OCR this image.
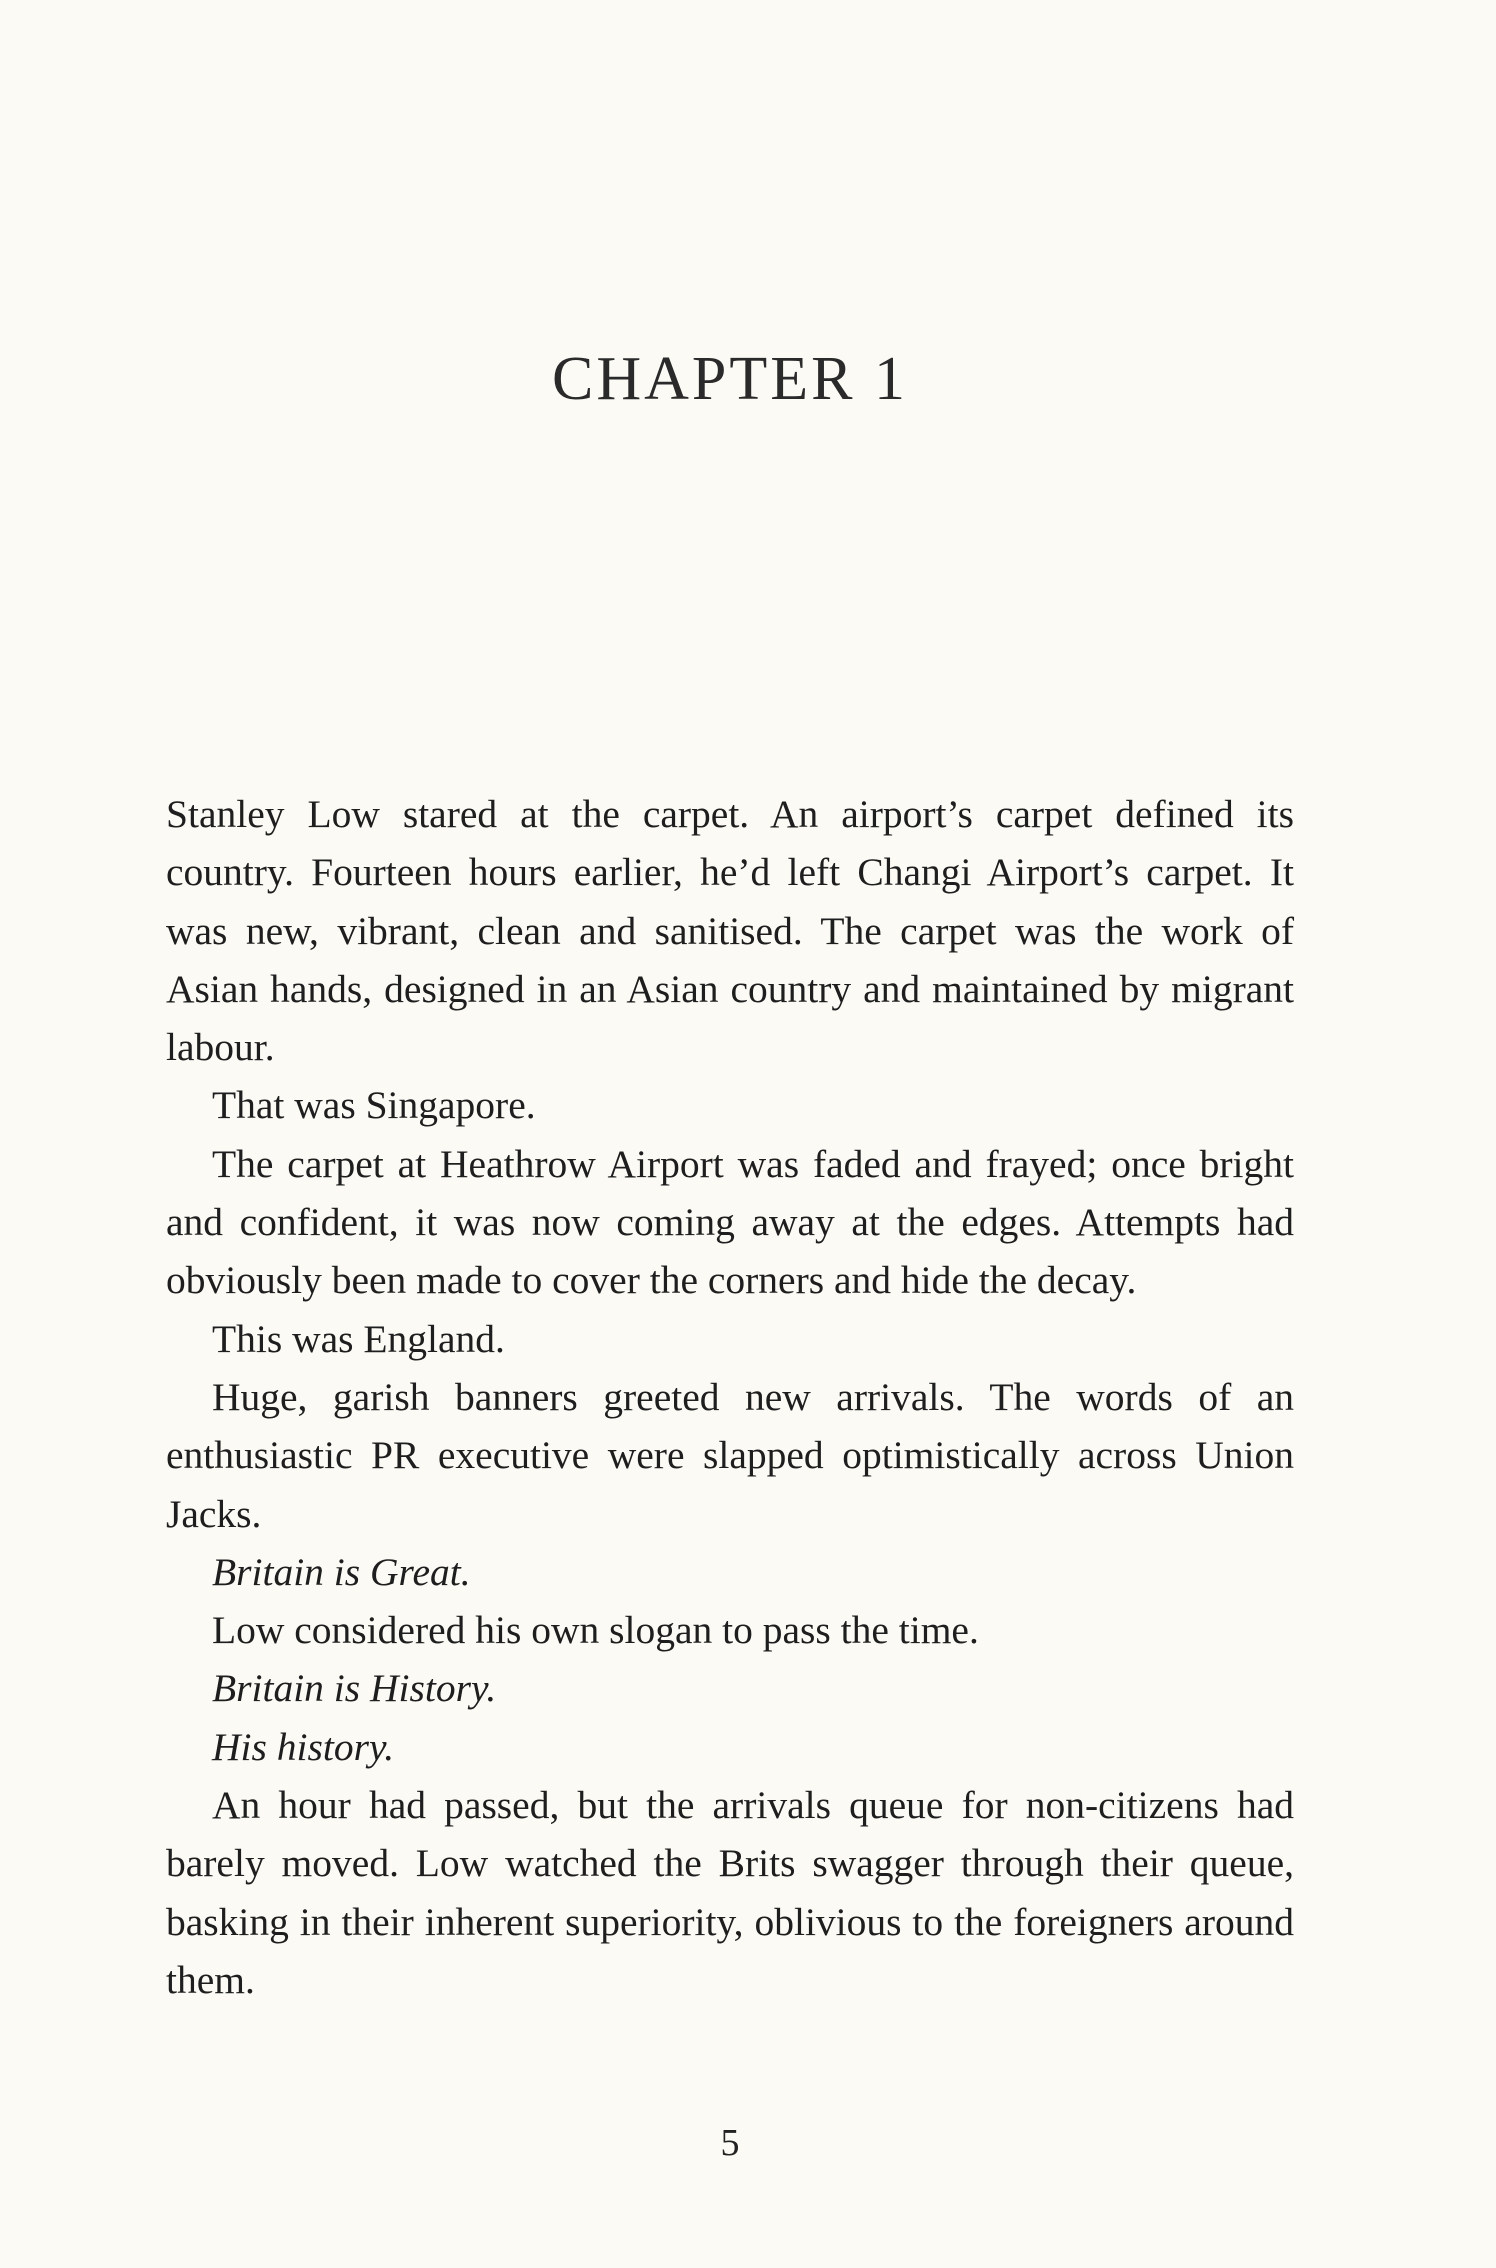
CHAPTER 1

Stanley Low stared at the carpet. An airport’s carpet defined its country. Fourteen hours earlier, he’d left Changi Airport’s carpet. It was new, vibrant, clean and sanitised. The carpet was the work of Asian hands, designed in an Asian country and maintained by migrant labour.

That was Singapore.

The carpet at Heathrow Airport was faded and frayed; once bright and confident, it was now coming away at the edges. Attempts had obviously been made to cover the corners and hide the decay.

This was England.

Huge, garish banners greeted new arrivals. The words of an enthusiastic PR executive were slapped optimistically across Union Jacks.

Britain is Great.

Low considered his own slogan to pass the time.

Britain is History.

His history.

An hour had passed, but the arrivals queue for non-citizens had barely moved. Low watched the Brits swagger through their queue, basking in their inherent superiority, oblivious to the foreigners around them.

5
